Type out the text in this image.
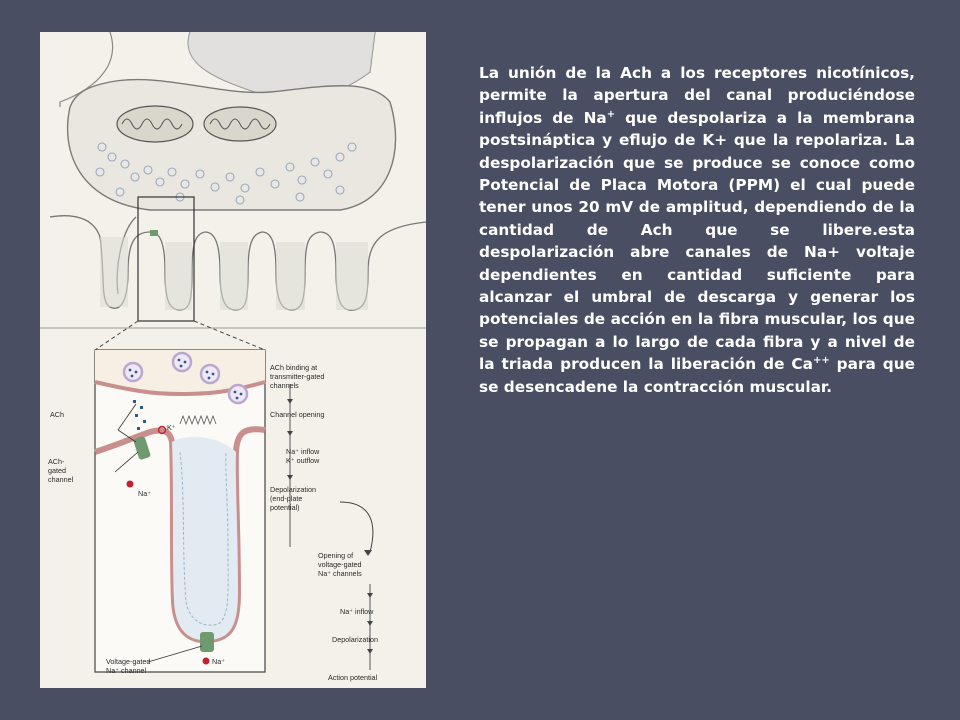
ACh
K⁺
ACh-
gated
channel
Na⁺
Na⁺
Voltage-gated
Na⁺ channel
ACh binding at
transmitter-gated
channels
Channel opening
Na⁺ inflow
K⁺ outflow
Depolarization
(end-plate
potential)
Opening of
voltage-gated
Na⁺ channels
Na⁺ inflow
Depolarization
Action potential

La unión de la Ach a los receptores nicotínicos, permite la apertura del canal produciéndose influjos de Na+ que despolariza a la membrana postsináptica y eflujo de K+ que la repolariza. La despolarización que se produce se conoce como Potencial de Placa Motora (PPM) el cual puede tener unos 20 mV de amplitud, dependiendo de la cantidad de Ach que se libere.esta despolarización abre canales de Na+ voltaje dependientes en cantidad suficiente para alcanzar el umbral de descarga y generar los potenciales de acción en la fibra muscular, los que se propagan a lo largo de cada fibra y a nivel de la triada producen la liberación de Ca++ para que se desencadene la contracción muscular.
